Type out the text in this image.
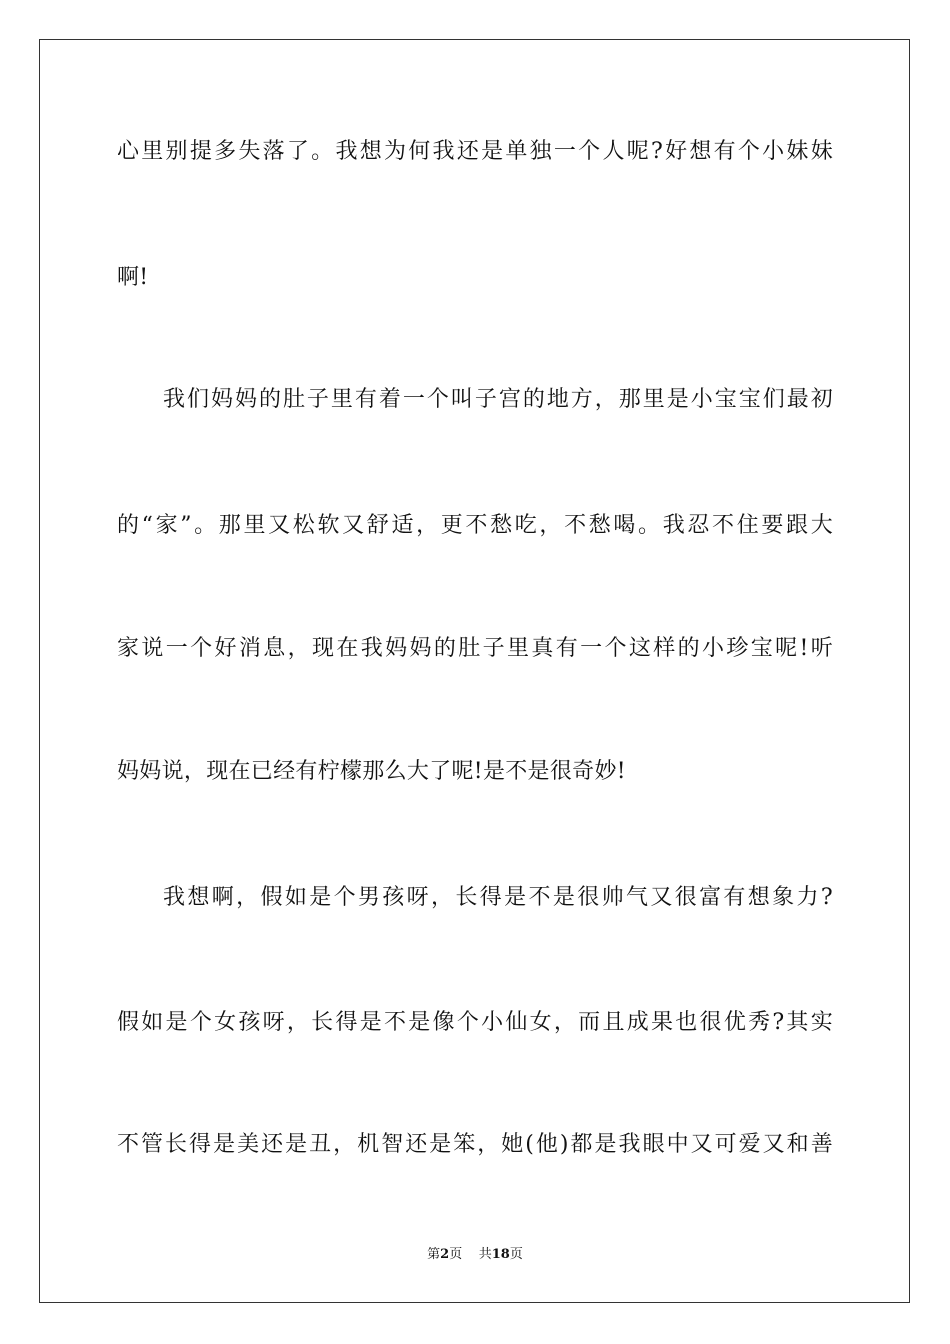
心里别提多失落了。我想为何我还是单独一个人呢?好想有个小妹妹
啊!
我们妈妈的肚子里有着一个叫子宫的地方，那里是小宝宝们最初
的“家”。那里又松软又舒适，更不愁吃，不愁喝。我忍不住要跟大
家说一个好消息，现在我妈妈的肚子里真有一个这样的小珍宝呢!听
妈妈说，现在已经有柠檬那么大了呢!是不是很奇妙!
我想啊，假如是个男孩呀，长得是不是很帅气又很富有想象力?
假如是个女孩呀，长得是不是像个小仙女，而且成果也很优秀?其实
不管长得是美还是丑，机智还是笨，她(他)都是我眼中又可爱又和善
第2页 共18页
